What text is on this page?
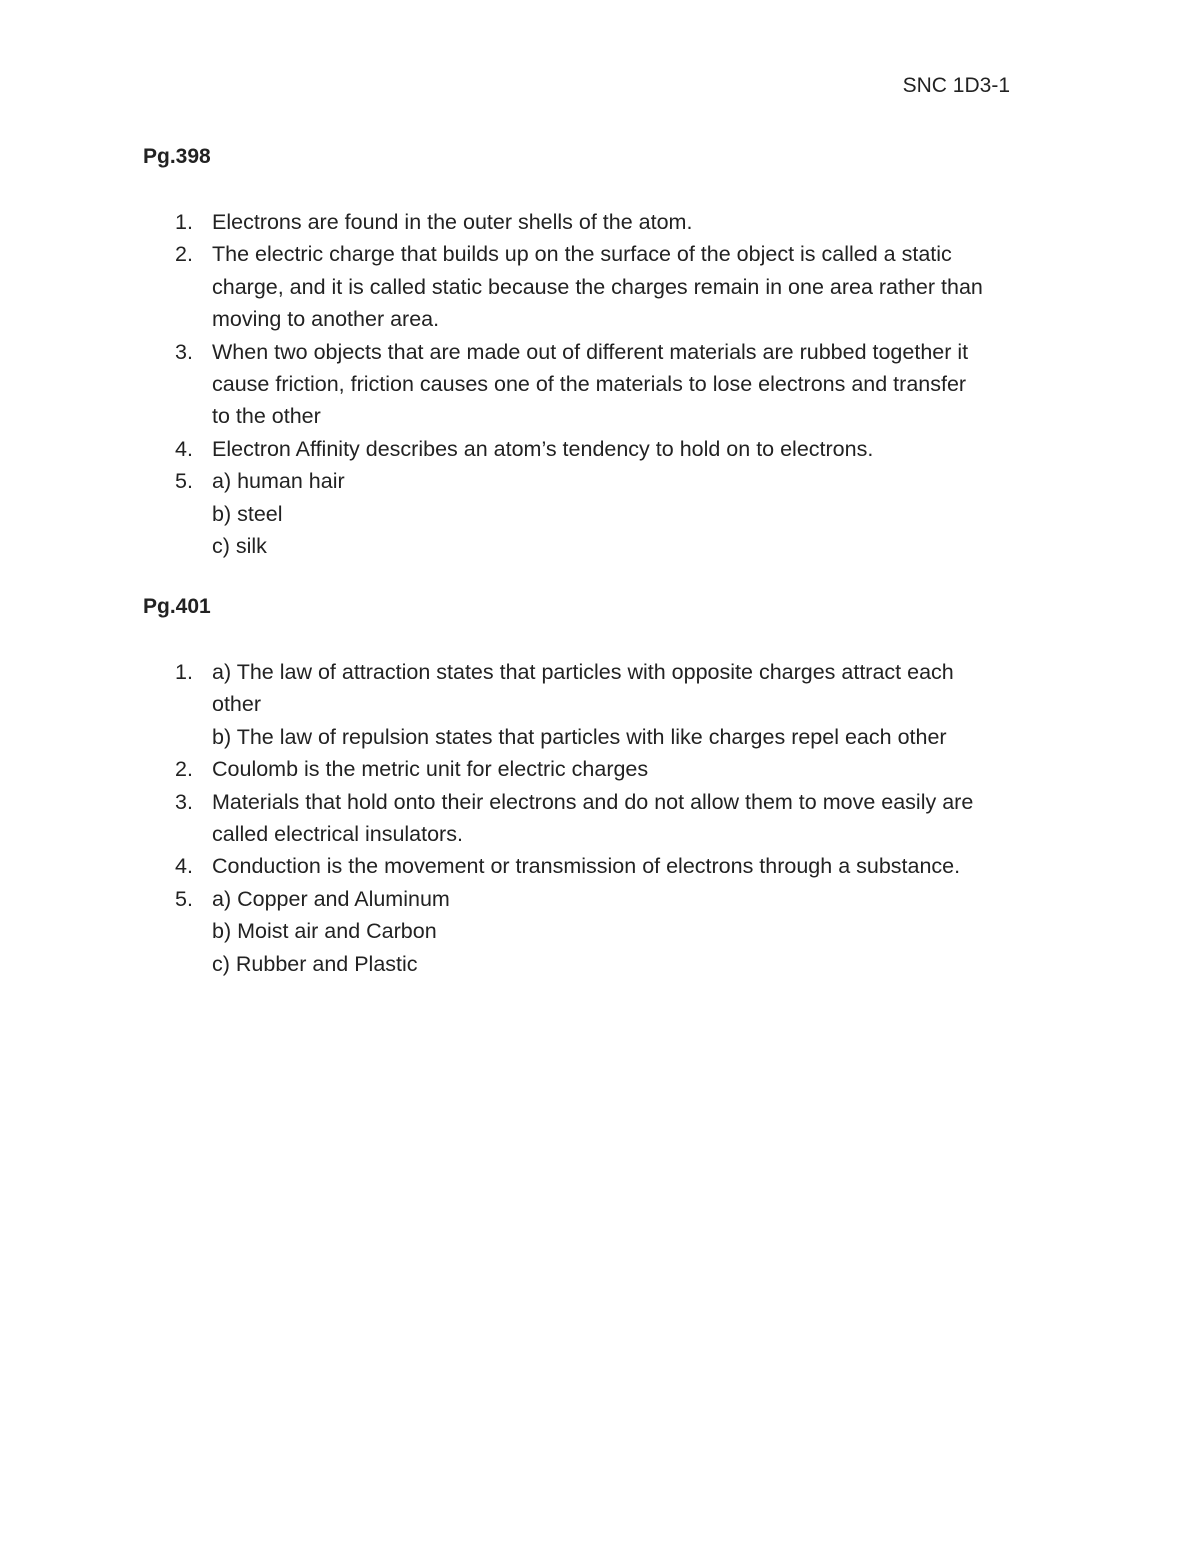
SNC 1D3-1
Pg.398
1. Electrons are found in the outer shells of the atom.
2. The electric charge that builds up on the surface of the object is called a static
charge, and it is called static because the charges remain in one area rather than
moving to another area.
3. When two objects that are made out of different materials are rubbed together it
cause friction, friction causes one of the materials to lose electrons and transfer
to the other
4. Electron Affinity describes an atom’s tendency to hold on to electrons.
5. a) human hair
b) steel
c) silk
Pg.401
1. a) The law of attraction states that particles with opposite charges attract each
other
b) The law of repulsion states that particles with like charges repel each other
2. Coulomb is the metric unit for electric charges
3. Materials that hold onto their electrons and do not allow them to move easily are
called electrical insulators.
4. Conduction is the movement or transmission of electrons through a substance.
5. a) Copper and Aluminum
b) Moist air and Carbon
c) Rubber and Plastic
